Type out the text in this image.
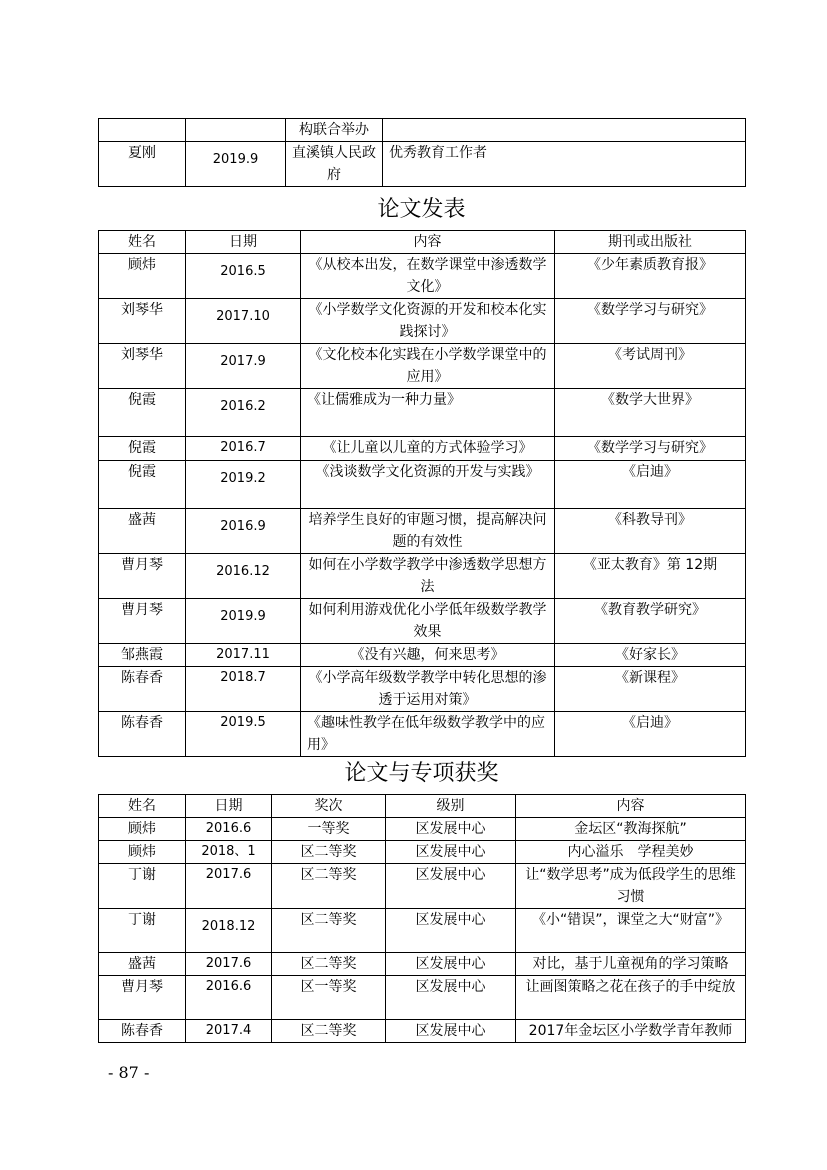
		构联合举办	
夏刚	2019.9	直溪镇人民政府	优秀教育工作者
论文发表
姓名	日期	内容	期刊或出版社
顾炜	2016.5	《从校本出发，在数学课堂中渗透数学文化》	《少年素质教育报》
刘琴华	2017.10	《小学数学文化资源的开发和校本化实践探讨》	《数学学习与研究》
刘琴华	2017.9	《文化校本化实践在小学数学课堂中的应用》	《考试周刊》
倪霞	2016.2	《让儒雅成为一种力量》	《数学大世界》
倪霞	2016.7	《让儿童以儿童的方式体验学习》	《数学学习与研究》
倪霞	2019.2	《浅谈数学文化资源的开发与实践》	《启迪》
盛茜	2016.9	培养学生良好的审题习惯，提高解决问题的有效性	《科教导刊》
曹月琴	2016.12	如何在小学数学教学中渗透数学思想方法	《亚太教育》第 12期
曹月琴	2019.9	如何利用游戏优化小学低年级数学教学效果	《教育教学研究》
邹燕霞	2017.11	《没有兴趣，何来思考》	《好家长》
陈春香	2018.7	《小学高年级数学教学中转化思想的渗透于运用对策》	《新课程》
陈春香	2019.5	《趣味性教学在低年级数学教学中的应用》	《启迪》
论文与专项获奖
姓名	日期	奖次	级别	内容
顾炜	2016.6	一等奖	区发展中心	金坛区“教海探航”
顾炜	2018、1	区二等奖	区发展中心	内心溢乐　学程美妙
丁谢	2017.6	区二等奖	区发展中心	让“数学思考”成为低段学生的思维习惯
丁谢	2018.12	区二等奖	区发展中心	《小“错误”，课堂之大“财富”》
盛茜	2017.6	区二等奖	区发展中心	对比，基于儿童视角的学习策略
曹月琴	2016.6	区一等奖	区发展中心	让画图策略之花在孩子的手中绽放
陈春香	2017.4	区二等奖	区发展中心	2017年金坛区小学数学青年教师
- 87 -
